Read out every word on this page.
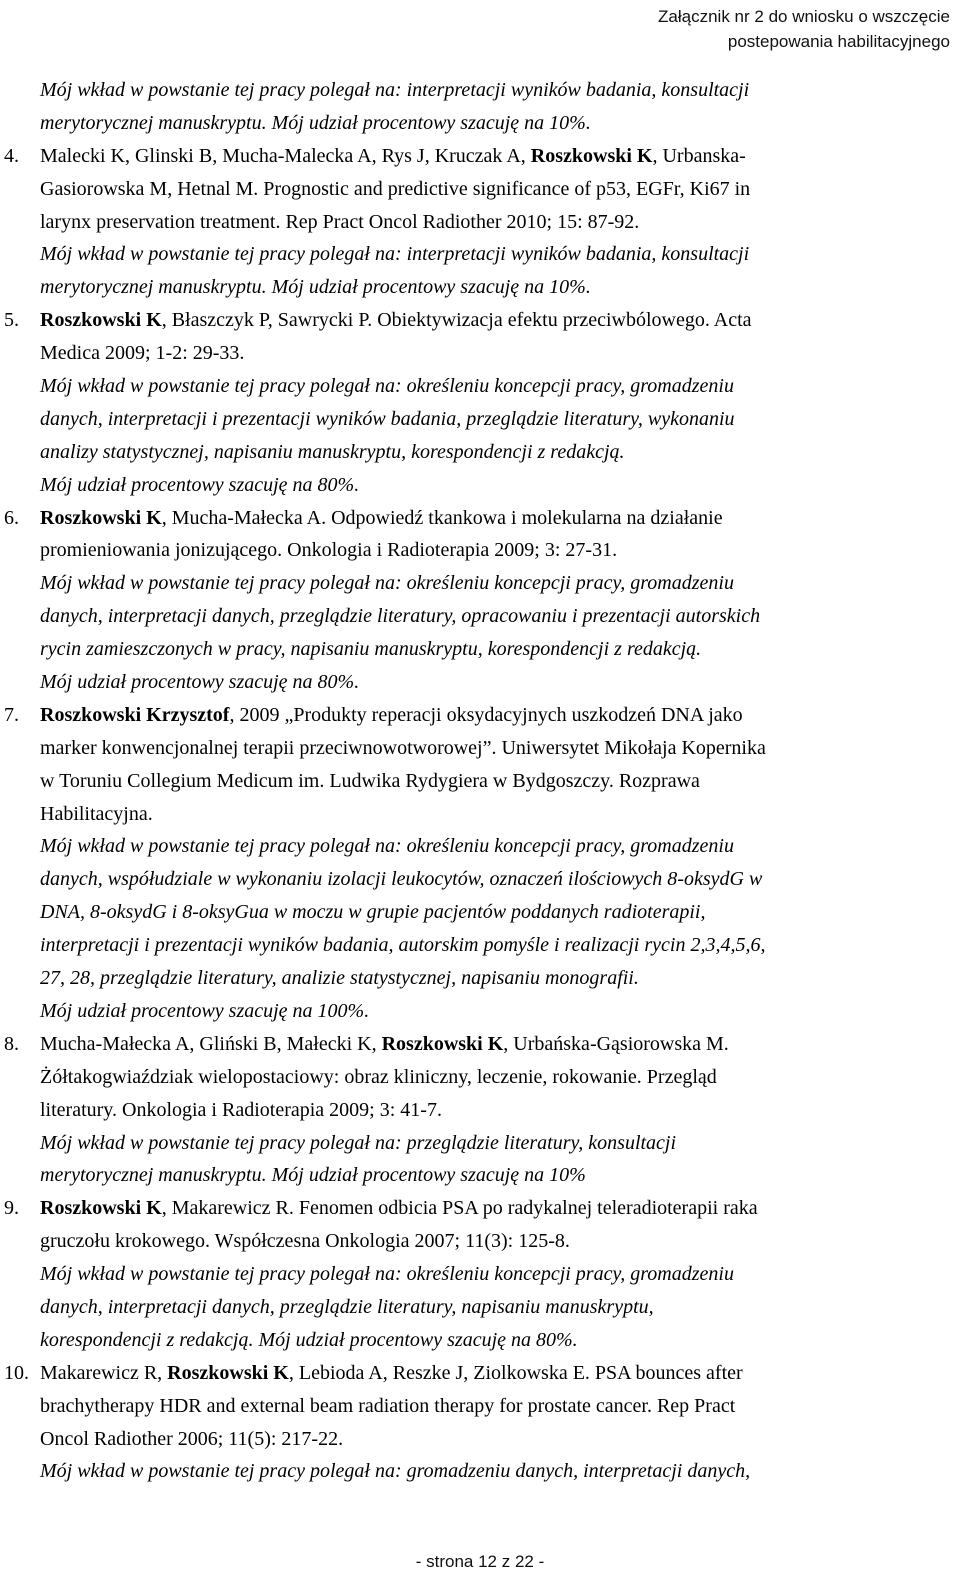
Załącznik nr 2 do wniosku o wszczęcie
postepowania habilitacyjnego
Mój wkład w powstanie tej pracy polegał na: interpretacji wyników badania, konsultacji
merytorycznej manuskryptu. Mój udział procentowy szacuję na 10%.
4. Malecki K, Glinski B, Mucha-Malecka A, Rys J, Kruczak A, Roszkowski K, Urbanska-
Gasiorowska M, Hetnal M. Prognostic and predictive significance of p53, EGFr, Ki67 in
larynx preservation treatment. Rep Pract Oncol Radiother 2010; 15: 87-92.
Mój wkład w powstanie tej pracy polegał na: interpretacji wyników badania, konsultacji
merytorycznej manuskryptu. Mój udział procentowy szacuję na 10%.
5. Roszkowski K, Błaszczyk P, Sawrycki P. Obiektywizacja efektu przeciwbólowego. Acta
Medica 2009; 1-2: 29-33.
Mój wkład w powstanie tej pracy polegał na: określeniu koncepcji pracy, gromadzeniu
danych, interpretacji i prezentacji wyników badania, przeglądzie literatury, wykonaniu
analizy statystycznej, napisaniu manuskryptu, korespondencji z redakcją.
Mój udział procentowy szacuję na 80%.
6. Roszkowski K, Mucha-Małecka A. Odpowiedź tkankowa i molekularna na działanie
promieniowania jonizującego. Onkologia i Radioterapia 2009; 3: 27-31.
Mój wkład w powstanie tej pracy polegał na: określeniu koncepcji pracy, gromadzeniu
danych, interpretacji danych, przeglądzie literatury, opracowaniu i prezentacji autorskich
rycin zamieszczonych w pracy, napisaniu manuskryptu, korespondencji z redakcją.
Mój udział procentowy szacuję na 80%.
7. Roszkowski Krzysztof, 2009 „Produkty reperacji oksydacyjnych uszkodzeń DNA jako
marker konwencjonalnej terapii przeciwnowotworowej”. Uniwersytet Mikołaja Kopernika
w Toruniu Collegium Medicum im. Ludwika Rydygiera w Bydgoszczy. Rozprawa
Habilitacyjna.
Mój wkład w powstanie tej pracy polegał na: określeniu koncepcji pracy, gromadzeniu
danych, współudziale w wykonaniu izolacji leukocytów, oznaczeń ilościowych 8-oksydG w
DNA, 8-oksydG i 8-oksyGua w moczu w grupie pacjentów poddanych radioterapii,
interpretacji i prezentacji wyników badania, autorskim pomyśle i realizacji rycin 2,3,4,5,6,
27, 28, przeglądzie literatury, analizie statystycznej, napisaniu monografii.
Mój udział procentowy szacuję na 100%.
8. Mucha-Małecka A, Gliński B, Małecki K, Roszkowski K, Urbańska-Gąsiorowska M.
Żółtakogwiaździak wielopostaciowy: obraz kliniczny, leczenie, rokowanie. Przegląd
literatury. Onkologia i Radioterapia 2009; 3: 41-7.
Mój wkład w powstanie tej pracy polegał na: przeglądzie literatury, konsultacji
merytorycznej manuskryptu. Mój udział procentowy szacuję na 10%
9. Roszkowski K, Makarewicz R. Fenomen odbicia PSA po radykalnej teleradioterapii raka
gruczołu krokowego. Współczesna Onkologia 2007; 11(3): 125-8.
Mój wkład w powstanie tej pracy polegał na: określeniu koncepcji pracy, gromadzeniu
danych, interpretacji danych, przeglądzie literatury, napisaniu manuskryptu,
korespondencji z redakcją. Mój udział procentowy szacuję na 80%.
10. Makarewicz R, Roszkowski K, Lebioda A, Reszke J, Ziolkowska E. PSA bounces after
brachytherapy HDR and external beam radiation therapy for prostate cancer. Rep Pract
Oncol Radiother 2006; 11(5): 217-22.
Mój wkład w powstanie tej pracy polegał na: gromadzeniu danych, interpretacji danych,
- strona 12 z 22 -
